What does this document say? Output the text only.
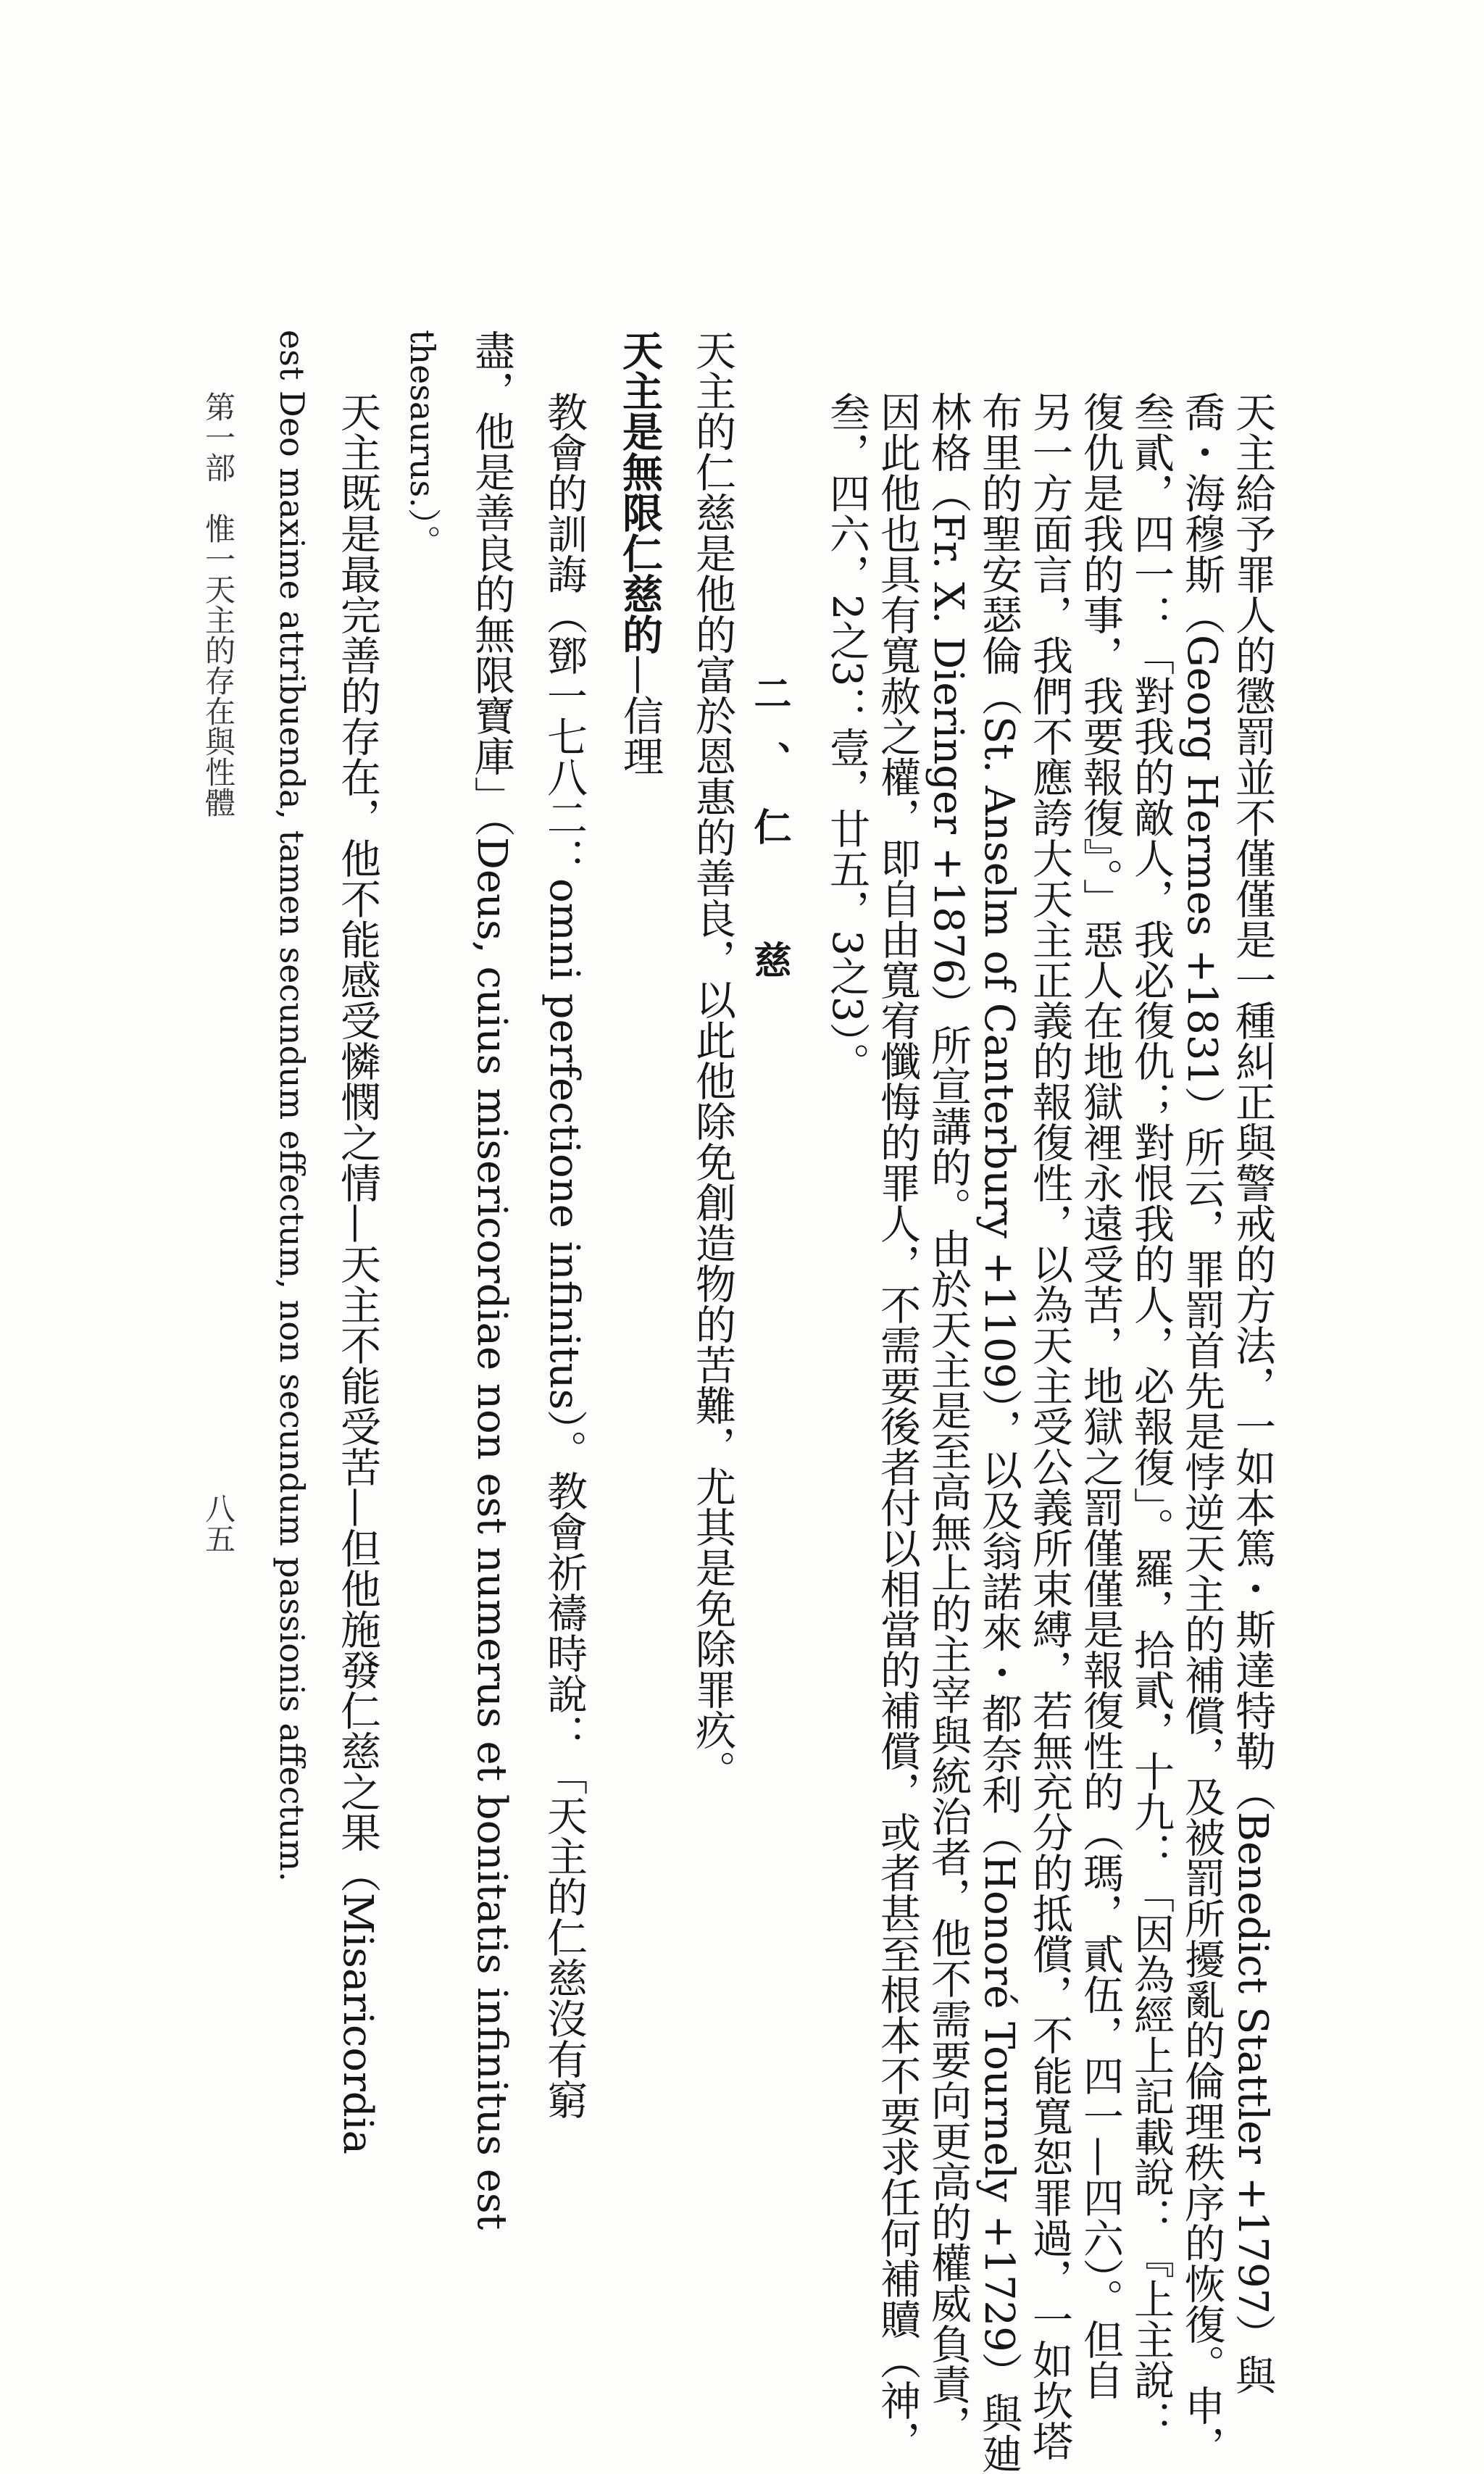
天主給予罪人的懲罰並不僅僅是一種糾正與警戒的方法，一如本篤・斯達特勒（Benedict Stattler +1797）與
喬・海穆斯（Georg Hermes +1831）所云，罪罰首先是悖逆天主的補償，及被罰所擾亂的倫理秩序的恢復。申，
叁貳，四一：「對我的敵人，我必復仇；對恨我的人，必報復」。羅，拾貳，十九：「因為經上記載說：『上主說：
復仇是我的事，我要報復』。」惡人在地獄裡永遠受苦，地獄之罰僅僅是報復性的（瑪，貳伍，四一—四六）。但自
另一方面言，我們不應誇大天主正義的報復性，以為天主受公義所束縛，若無充分的抵償，不能寬恕罪過，一如坎塔
布里的聖安瑟倫（St. Anselm of Canterbury +1109），以及翁諾來・都奈利（Honoré Tournely +1729）與廸
林格（Fr. X. Dieringer +1876）所宣講的。由於天主是至高無上的主宰與統治者，他不需要向更高的權威負責，
因此他也具有寬赦之權，即自由寬宥懺悔的罪人，不需要後者付以相當的補償，或者甚至根本不要求任何補贖（神，
叁，四六，2之3：壹，廿五，3之3）。
二、仁　慈
天主的仁慈是他的富於恩惠的善良，以此他除免創造物的苦難，尤其是免除罪疚。
天主是無限仁慈的—信理
教會的訓誨（鄧一七八二：omni perfectione infinitus）。教會祈禱時說：「天主的仁慈沒有窮
盡，他是善良的無限寶庫」（Deus, cuius misericordiae non est numerus et bonitatis infinitus est
thesaurus.）。
天主既是最完善的存在，他不能感受憐憫之情—天主不能受苦—但他施發仁慈之果（Misaricordia
est Deo maxime attribuenda, tamen secundum effectum, non secundum passionis affectum.
第一部　惟一天主的存在與性體
八五
